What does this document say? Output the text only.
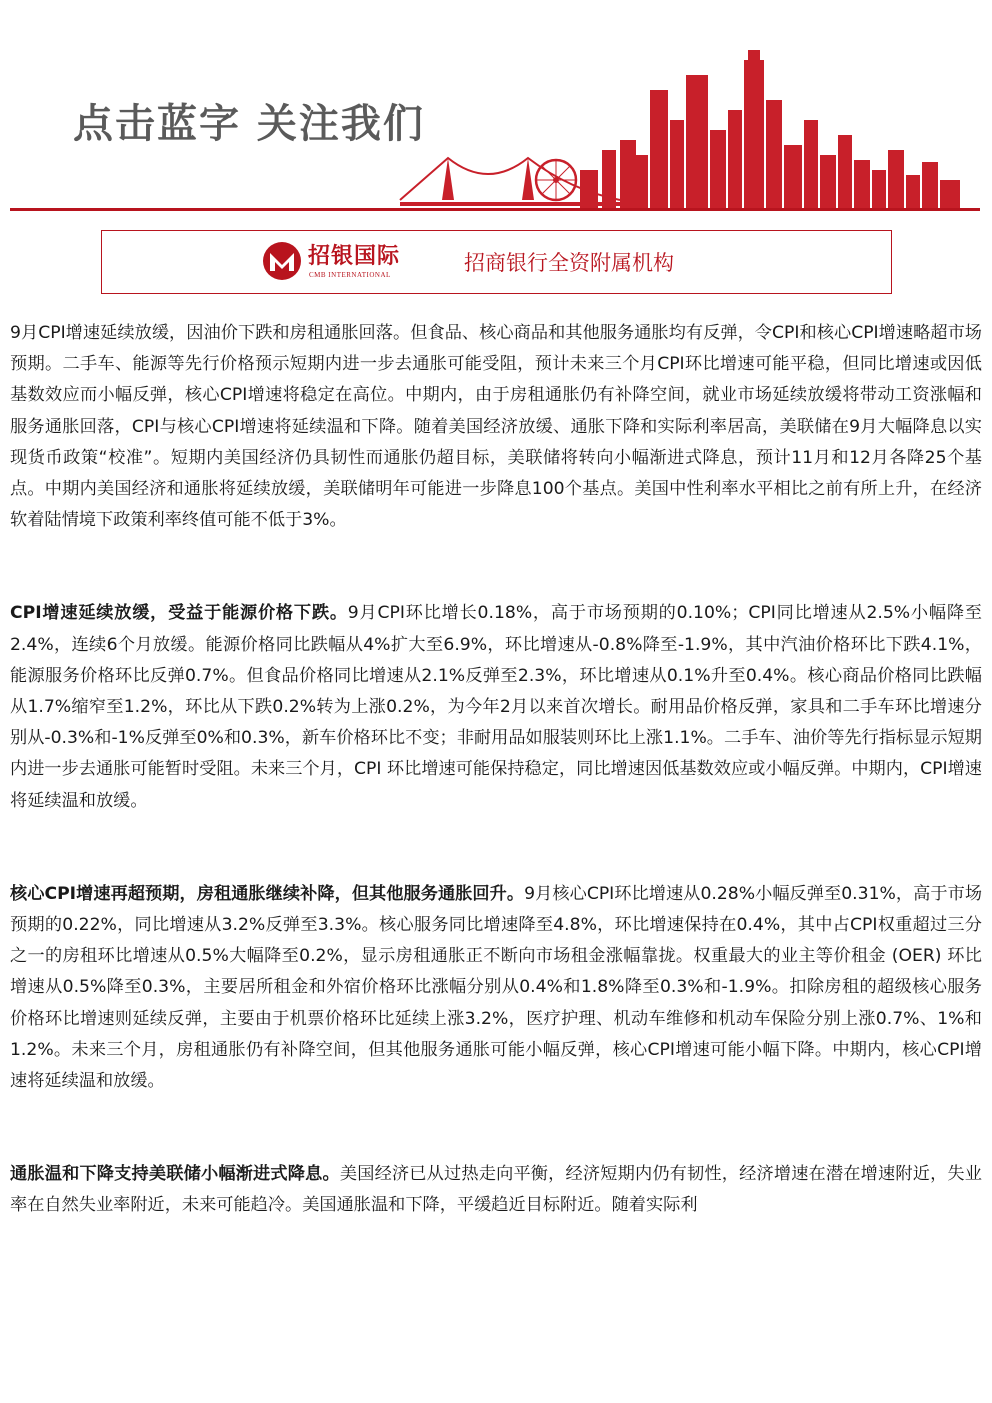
点击蓝字 关注我们
招银国际
CMB INTERNATIONAL	招商银行全资附属机构

9月CPI增速延续放缓，因油价下跌和房租通胀回落。但食品、核心商品和其他服务通胀均有反弹，令CPI和核心CPI增速略超市场预期。二手车、能源等先行价格预示短期内进一步去通胀可能受阻，预计未来三个月CPI环比增速可能平稳，但同比增速或因低基数效应而小幅反弹，核心CPI增速将稳定在高位。中期内，由于房租通胀仍有补降空间，就业市场延续放缓将带动工资涨幅和服务通胀回落，CPI与核心CPI增速将延续温和下降。随着美国经济放缓、通胀下降和实际利率居高，美联储在9月大幅降息以实现货币政策“校准”。短期内美国经济仍具韧性而通胀仍超目标，美联储将转向小幅渐进式降息，预计11月和12月各降25个基点。中期内美国经济和通胀将延续放缓，美联储明年可能进一步降息100个基点。美国中性利率水平相比之前有所上升，在经济软着陆情境下政策利率终值可能不低于3%。

CPI增速延续放缓，受益于能源价格下跌。9月CPI环比增长0.18%，高于市场预期的0.10%；CPI同比增速从2.5%小幅降至2.4%，连续6个月放缓。能源价格同比跌幅从4%扩大至6.9%，环比增速从-0.8%降至-1.9%，其中汽油价格环比下跌4.1%，能源服务价格环比反弹0.7%。但食品价格同比增速从2.1%反弹至2.3%，环比增速从0.1%升至0.4%。核心商品价格同比跌幅从1.7%缩窄至1.2%，环比从下跌0.2%转为上涨0.2%，为今年2月以来首次增长。耐用品价格反弹，家具和二手车环比增速分别从-0.3%和-1%反弹至0%和0.3%，新车价格环比不变；非耐用品如服装则环比上涨1.1%。二手车、油价等先行指标显示短期内进一步去通胀可能暂时受阻。未来三个月，CPI 环比增速可能保持稳定，同比增速因低基数效应或小幅反弹。中期内，CPI增速将延续温和放缓。

核心CPI增速再超预期，房租通胀继续补降，但其他服务通胀回升。9月核心CPI环比增速从0.28%小幅反弹至0.31%，高于市场预期的0.22%，同比增速从3.2%反弹至3.3%。核心服务同比增速降至4.8%，环比增速保持在0.4%，其中占CPI权重超过三分之一的房租环比增速从0.5%大幅降至0.2%，显示房租通胀正不断向市场租金涨幅靠拢。权重最大的业主等价租金 (OER) 环比增速从0.5%降至0.3%，主要居所租金和外宿价格环比涨幅分别从0.4%和1.8%降至0.3%和-1.9%。扣除房租的超级核心服务价格环比增速则延续反弹，主要由于机票价格环比延续上涨3.2%，医疗护理、机动车维修和机动车保险分别上涨0.7%、1%和1.2%。未来三个月，房租通胀仍有补降空间，但其他服务通胀可能小幅反弹，核心CPI增速可能小幅下降。中期内，核心CPI增速将延续温和放缓。

通胀温和下降支持美联储小幅渐进式降息。美国经济已从过热走向平衡，经济短期内仍有韧性，经济增速在潜在增速附近，失业率在自然失业率附近，未来可能趋冷。美国通胀温和下降，平缓趋近目标附近。随着实际利
